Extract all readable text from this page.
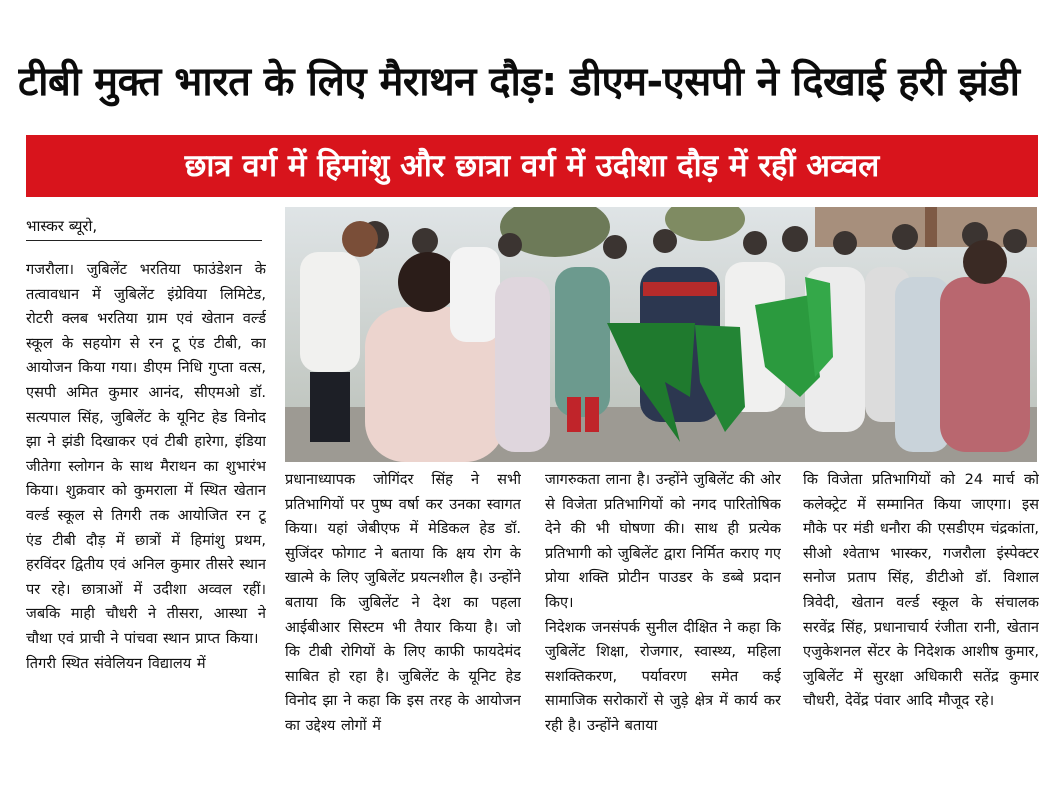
टीबी मुक्त भारत के लिए मैराथन दौड़: डीएम-एसपी ने दिखाई हरी झंडी
छात्र वर्ग में हिमांशु और छात्रा वर्ग में उदीशा दौड़ में रहीं अव्वल
भास्कर ब्यूरो,

गजरौला। जुबिलेंट भरतिया फाउंडेशन के तत्वावधान में जुबिलेंट इंग्रेविया लिमिटेड, रोटरी क्लब भरतिया ग्राम एवं खेतान वर्ल्ड स्कूल के सहयोग से रन टू एंड टीबी, का आयोजन किया गया। डीएम निधि गुप्ता वत्स, एसपी अमित कुमार आनंद, सीएमओ डॉ. सत्यपाल सिंह, जुबिलेंट के यूनिट हेड विनोद झा ने झंडी दिखाकर एवं टीबी हारेगा, इंडिया जीतेगा स्लोगन के साथ मैराथन का शुभारंभ किया। शुक्रवार को कुमराला में स्थित खेतान वर्ल्ड स्कूल से तिगरी तक आयोजित रन टू एंड टीबी दौड़ में छात्रों में हिमांशु प्रथम, हरविंदर द्वितीय एवं अनिल कुमार तीसरे स्थान पर रहे। छात्राओं में उदीशा अव्वल रहीं। जबकि माही चौधरी ने तीसरा, आस्था ने चौथा एवं प्राची ने पांचवा स्थान प्राप्त किया।

तिगरी स्थित संवेलियन विद्यालय में

प्रधानाध्यापक जोगिंदर सिंह ने सभी प्रतिभागियों पर पुष्प वर्षा कर उनका स्वागत किया। यहां जेबीएफ में मेडिकल हेड डॉ. सुजिंदर फोगाट ने बताया कि क्षय रोग के खात्मे के लिए जुबिलेंट प्रयत्नशील है। उन्होंने बताया कि जुबिलेंट ने देश का पहला आईबीआर सिस्टम भी तैयार किया है। जो कि टीबी रोगियों के लिए काफी फायदेमंद साबित हो रहा है। जुबिलेंट के यूनिट हेड विनोद झा ने कहा कि इस तरह के आयोजन का उद्देश्य लोगों में

जागरुकता लाना है। उन्होंने जुबिलेंट की ओर से विजेता प्रतिभागियों को नगद पारितोषिक देने की भी घोषणा की। साथ ही प्रत्येक प्रतिभागी को जुबिलेंट द्वारा निर्मित कराए गए प्रोया शक्ति प्रोटीन पाउडर के डब्बे प्रदान किए।

निदेशक जनसंपर्क सुनील दीक्षित ने कहा कि जुबिलेंट शिक्षा, रोजगार, स्वास्थ्य, महिला सशक्तिकरण, पर्यावरण समेत कई सामाजिक सरोकारों से जुड़े क्षेत्र में कार्य कर रही है। उन्होंने बताया

कि विजेता प्रतिभागियों को 24 मार्च को कलेक्ट्रेट में सम्मानित किया जाएगा। इस मौके पर मंडी धनौरा की एसडीएम चंद्रकांता, सीओ श्वेताभ भास्कर, गजरौला इंस्पेक्टर सनोज प्रताप सिंह, डीटीओ डॉ. विशाल त्रिवेदी, खेतान वर्ल्ड स्कूल के संचालक सरवेंद्र सिंह, प्रधानाचार्य रंजीता रानी, खेतान एजुकेशनल सेंटर के निदेशक आशीष कुमार, जुबिलेंट में सुरक्षा अधिकारी सतेंद्र कुमार चौधरी, देवेंद्र पंवार आदि मौजूद रहे।
